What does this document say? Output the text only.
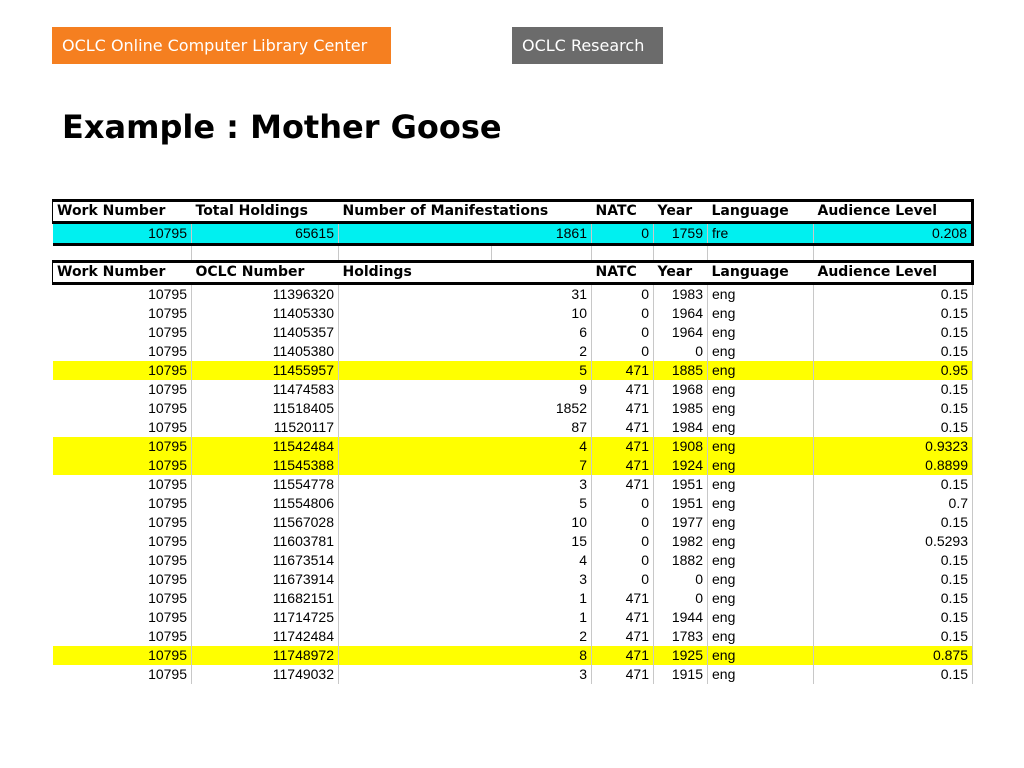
OCLC Online Computer Library Center	OCLC Research
Example : Mother Goose
Work Number	Total Holdings	Number of Manifestations		NATC	Year	Language	Audience Level
10795	65615	1861		0	1759	fre	0.208

Work Number	OCLC Number	Holdings		NATC	Year	Language	Audience Level
10795	11396320	31		0	1983	eng	0.15
10795	11405330	10		0	1964	eng	0.15
10795	11405357	6		0	1964	eng	0.15
10795	11405380	2		0	0	eng	0.15
10795	11455957	5		471	1885	eng	0.95
10795	11474583	9		471	1968	eng	0.15
10795	11518405	1852		471	1985	eng	0.15
10795	11520117	87		471	1984	eng	0.15
10795	11542484	4		471	1908	eng	0.9323
10795	11545388	7		471	1924	eng	0.8899
10795	11554778	3		471	1951	eng	0.15
10795	11554806	5		0	1951	eng	0.7
10795	11567028	10		0	1977	eng	0.15
10795	11603781	15		0	1982	eng	0.5293
10795	11673514	4		0	1882	eng	0.15
10795	11673914	3		0	0	eng	0.15
10795	11682151	1		471	0	eng	0.15
10795	11714725	1		471	1944	eng	0.15
10795	11742484	2		471	1783	eng	0.15
10795	11748972	8		471	1925	eng	0.875
10795	11749032	3		471	1915	eng	0.15
